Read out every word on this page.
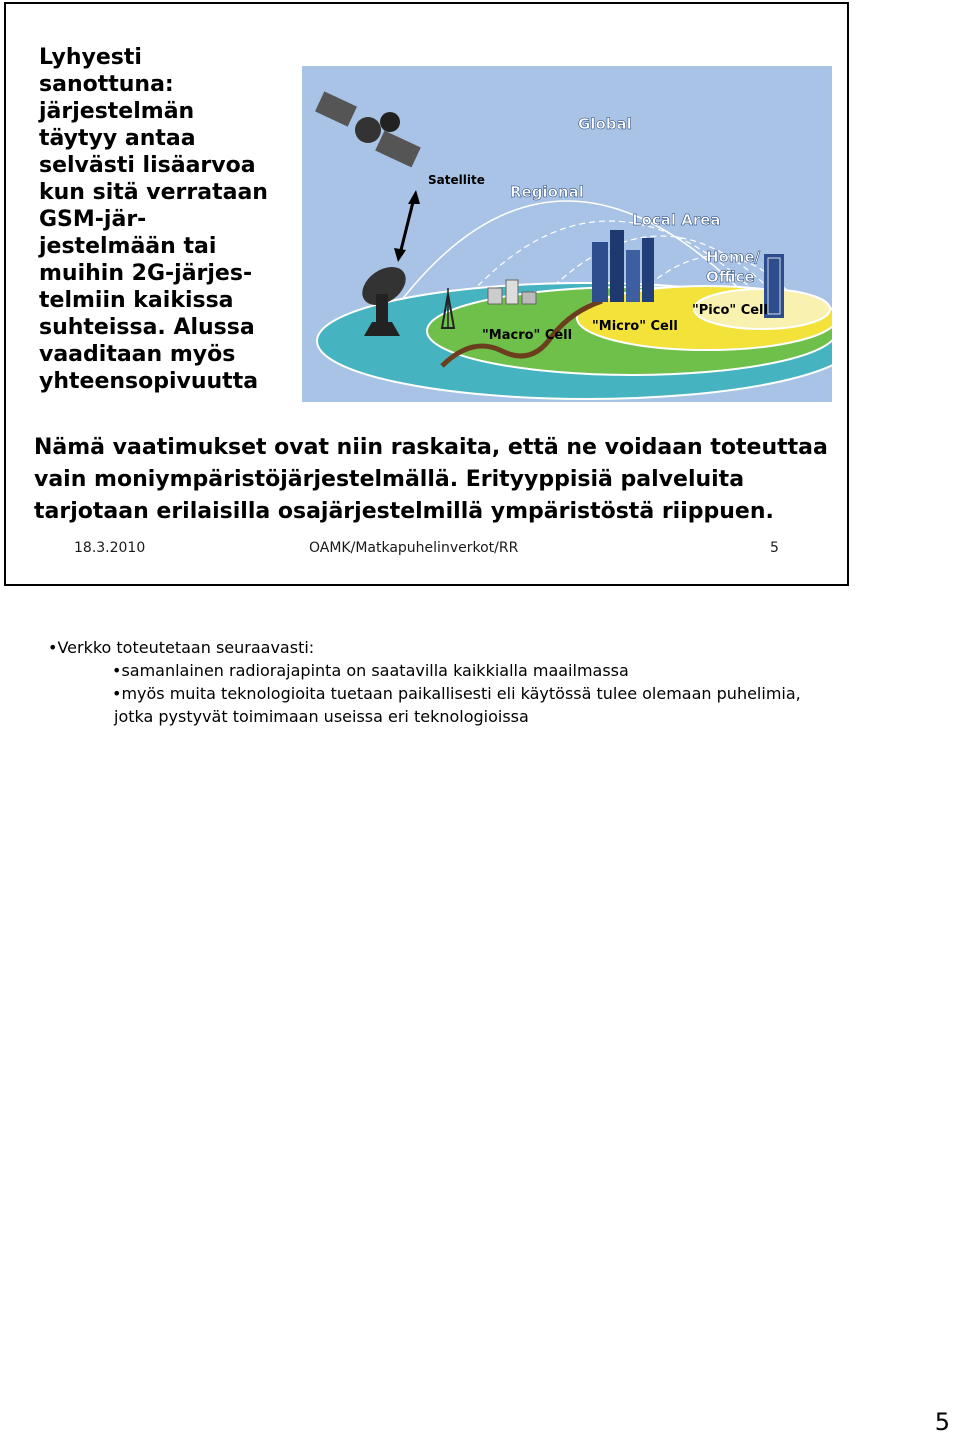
Lyhyesti
sanottuna:
järjestelmän
täytyy antaa
selvästi lisäarvoa
kun sitä verrataan
GSM-jär-
jestelmään tai
muihin 2G-järjes-
telmiin kaikissa
suhteissa. Alussa
vaaditaan myös
yhteensopivuutta

Global
Satellite
Regional
Local Area
Home/
Office
"Pico" Cell
"Micro" Cell
"Macro" Cell

Nämä vaatimukset ovat niin raskaita, että ne voidaan toteuttaa vain moniympäristöjärjestelmällä. Erityyppisiä palveluita tarjotaan erilaisilla osajärjestelmillä ympäristöstä riippuen.

18.3.2010	OAMK/Matkapuhelinverkot/RR	5

• Verkko toteutetaan seuraavasti:

• samanlainen radiorajapinta on saatavilla kaikkialla maailmassa

• myös muita teknologioita tuetaan paikallisesti eli käytössä tulee olemaan puhelimia, jotka pystyvät toimimaan useissa eri teknologioissa

5
